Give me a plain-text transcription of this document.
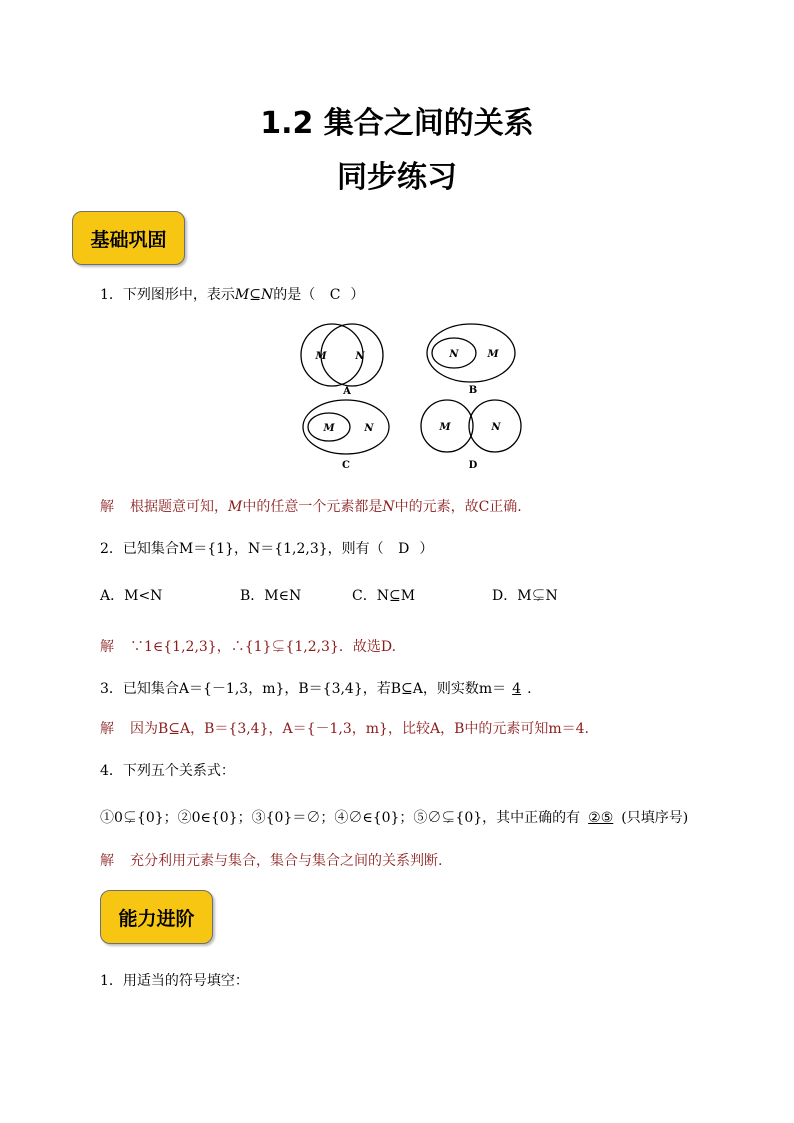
1.2 集合之间的关系
同步练习
基础巩固
1．下列图形中，表示M⊆N的是（ C ）
M	N
A
N	M
B
M	N
C
M	N
D
解 根据题意可知，M中的任意一个元素都是N中的元素，故C正确.
2．已知集合M＝{1}，N＝{1,2,3}，则有（ D ）
A．M<N	B．M∈N	C．N⊆M	D．M⊊N
解 ∵1∈{1,2,3}，∴{1}⊊{1,2,3}．故选D.
3．已知集合A＝{－1,3，m}，B＝{3,4}，若B⊆A，则实数m＝ 4 .
解 因为B⊆A，B＝{3,4}，A＝{－1,3，m}，比较A，B中的元素可知m＝4.
4．下列五个关系式：
①0⊊{0}；②0∈{0}；③{0}＝∅；④∅∈{0}；⑤∅⊊{0}，其中正确的有 ②⑤ (只填序号)
解 充分利用元素与集合，集合与集合之间的关系判断.
能力进阶
1．用适当的符号填空：
